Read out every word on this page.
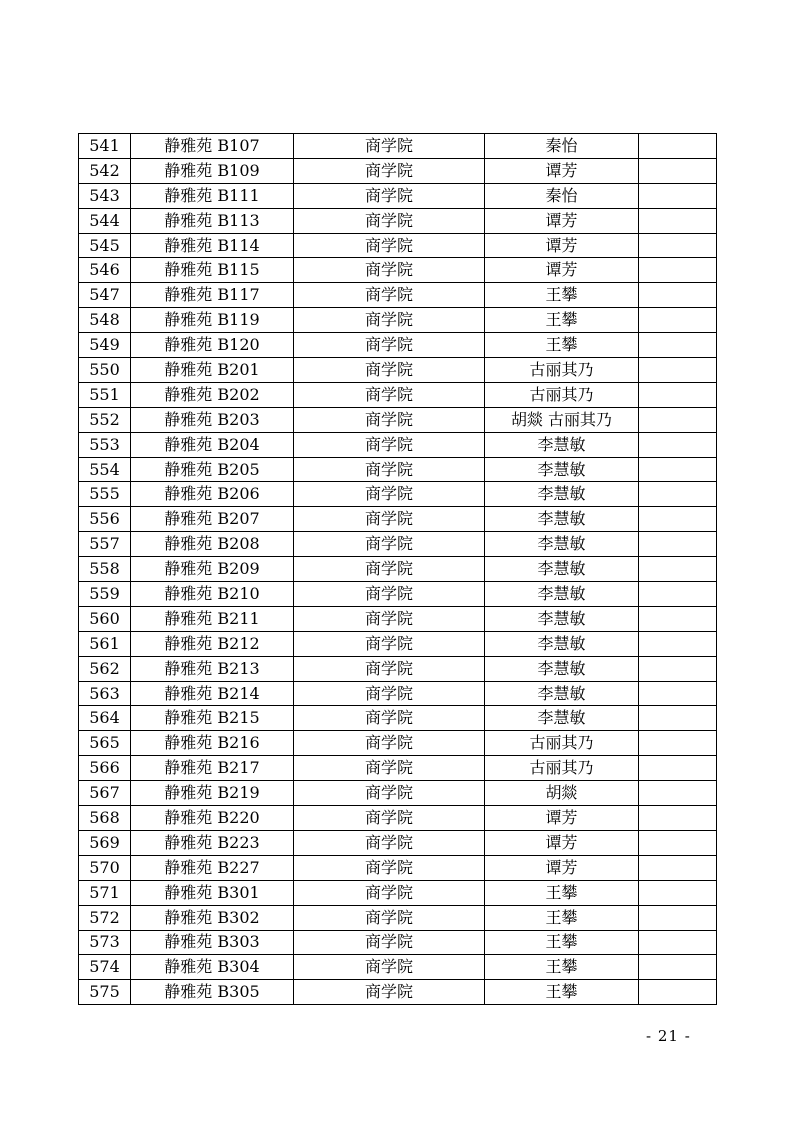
541	静雅苑 B107	商学院	秦怡	
542	静雅苑 B109	商学院	谭芳	
543	静雅苑 B111	商学院	秦怡	
544	静雅苑 B113	商学院	谭芳	
545	静雅苑 B114	商学院	谭芳	
546	静雅苑 B115	商学院	谭芳	
547	静雅苑 B117	商学院	王攀	
548	静雅苑 B119	商学院	王攀	
549	静雅苑 B120	商学院	王攀	
550	静雅苑 B201	商学院	古丽其乃	
551	静雅苑 B202	商学院	古丽其乃	
552	静雅苑 B203	商学院	胡燚 古丽其乃	
553	静雅苑 B204	商学院	李慧敏	
554	静雅苑 B205	商学院	李慧敏	
555	静雅苑 B206	商学院	李慧敏	
556	静雅苑 B207	商学院	李慧敏	
557	静雅苑 B208	商学院	李慧敏	
558	静雅苑 B209	商学院	李慧敏	
559	静雅苑 B210	商学院	李慧敏	
560	静雅苑 B211	商学院	李慧敏	
561	静雅苑 B212	商学院	李慧敏	
562	静雅苑 B213	商学院	李慧敏	
563	静雅苑 B214	商学院	李慧敏	
564	静雅苑 B215	商学院	李慧敏	
565	静雅苑 B216	商学院	古丽其乃	
566	静雅苑 B217	商学院	古丽其乃	
567	静雅苑 B219	商学院	胡燚	
568	静雅苑 B220	商学院	谭芳	
569	静雅苑 B223	商学院	谭芳	
570	静雅苑 B227	商学院	谭芳	
571	静雅苑 B301	商学院	王攀	
572	静雅苑 B302	商学院	王攀	
573	静雅苑 B303	商学院	王攀	
574	静雅苑 B304	商学院	王攀	
575	静雅苑 B305	商学院	王攀	
- 21 -
